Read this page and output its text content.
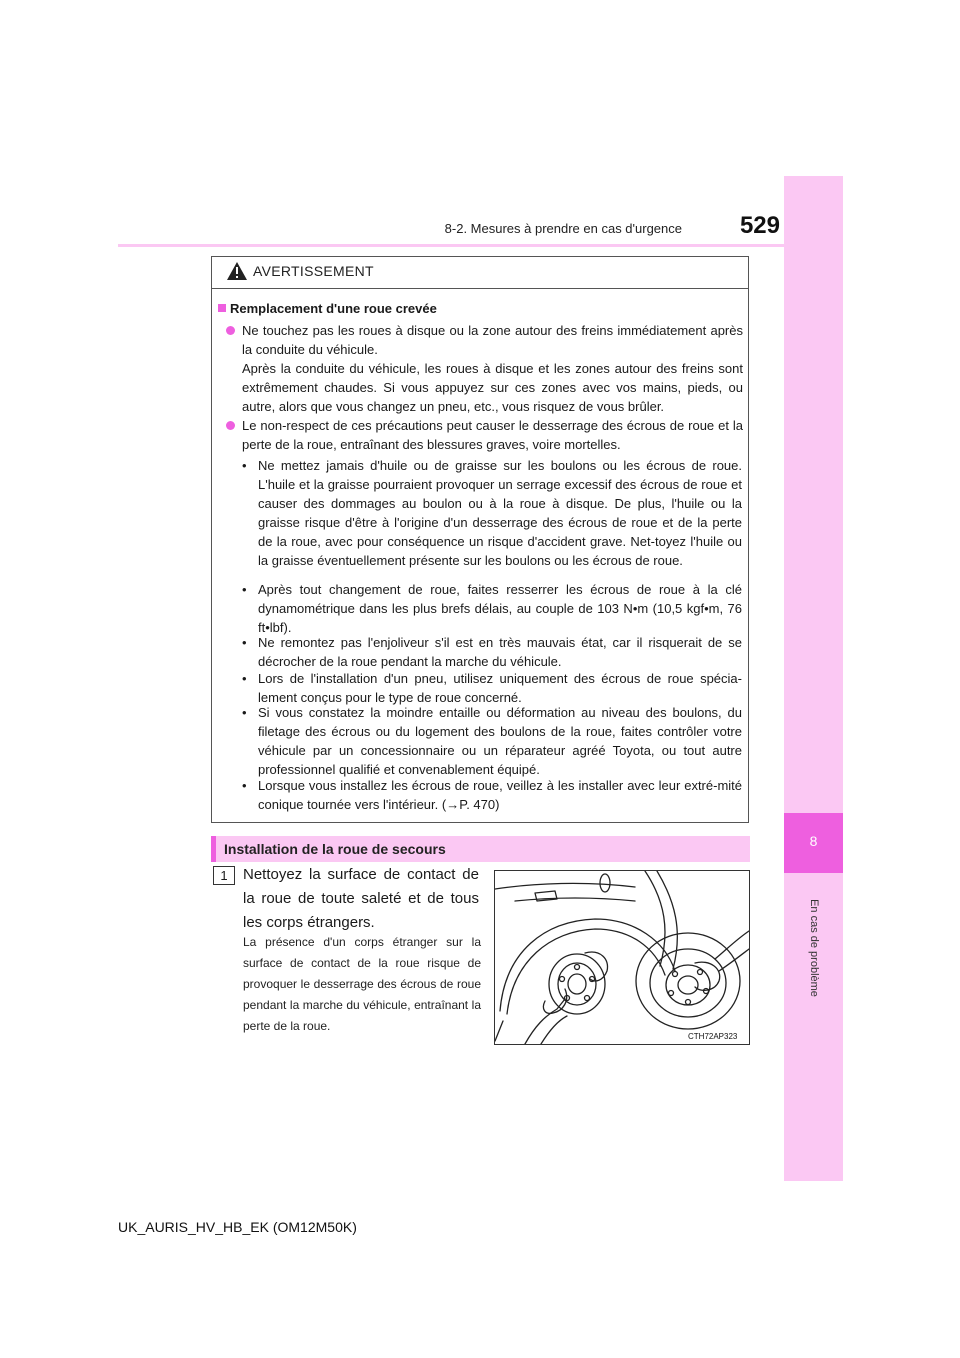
8
En cas de problème
8-2. Mesures à prendre en cas d'urgence	529
AVERTISSEMENT
Remplacement d'une roue crevée
Ne touchez pas les roues à disque ou la zone autour des freins immédiatement après la conduite du véhicule.
Après la conduite du véhicule, les roues à disque et les zones autour des freins sont extrêmement chaudes. Si vous appuyez sur ces zones avec vos mains, pieds, ou autre, alors que vous changez un pneu, etc., vous risquez de vous brûler.
Le non-respect de ces précautions peut causer le desserrage des écrous de roue et la perte de la roue, entraînant des blessures graves, voire mortelles.
• Ne mettez jamais d'huile ou de graisse sur les boulons ou les écrous de roue. L'huile et la graisse pourraient provoquer un serrage excessif des écrous de roue et causer des dommages au boulon ou à la roue à disque. De plus, l'huile ou la graisse risque d'être à l'origine d'un desserrage des écrous de roue et de la perte de la roue, avec pour conséquence un risque d'accident grave. Net-toyez l'huile ou la graisse éventuellement présente sur les boulons ou les écrous de roue.
• Après tout changement de roue, faites resserrer les écrous de roue à la clé dynamométrique dans les plus brefs délais, au couple de 103 N•m (10,5 kgf•m, 76 ft•lbf).
• Ne remontez pas l'enjoliveur s'il est en très mauvais état, car il risquerait de se décrocher de la roue pendant la marche du véhicule.
• Lors de l'installation d'un pneu, utilisez uniquement des écrous de roue spécia-lement conçus pour le type de roue concerné.
• Si vous constatez la moindre entaille ou déformation au niveau des boulons, du filetage des écrous ou du logement des boulons de la roue, faites contrôler votre véhicule par un concessionnaire ou un réparateur agréé Toyota, ou tout autre professionnel qualifié et convenablement équipé.
• Lorsque vous installez les écrous de roue, veillez à les installer avec leur extré-mité conique tournée vers l'intérieur. (→P. 470)
Installation de la roue de secours
1	Nettoyez la surface de contact de la roue de toute saleté et de tous les corps étrangers.
La présence d'un corps étranger sur la surface de contact de la roue risque de provoquer le desserrage des écrous de roue pendant la marche du véhicule, entraînant la perte de la roue.
CTH72AP323
UK_AURIS_HV_HB_EK (OM12M50K)
